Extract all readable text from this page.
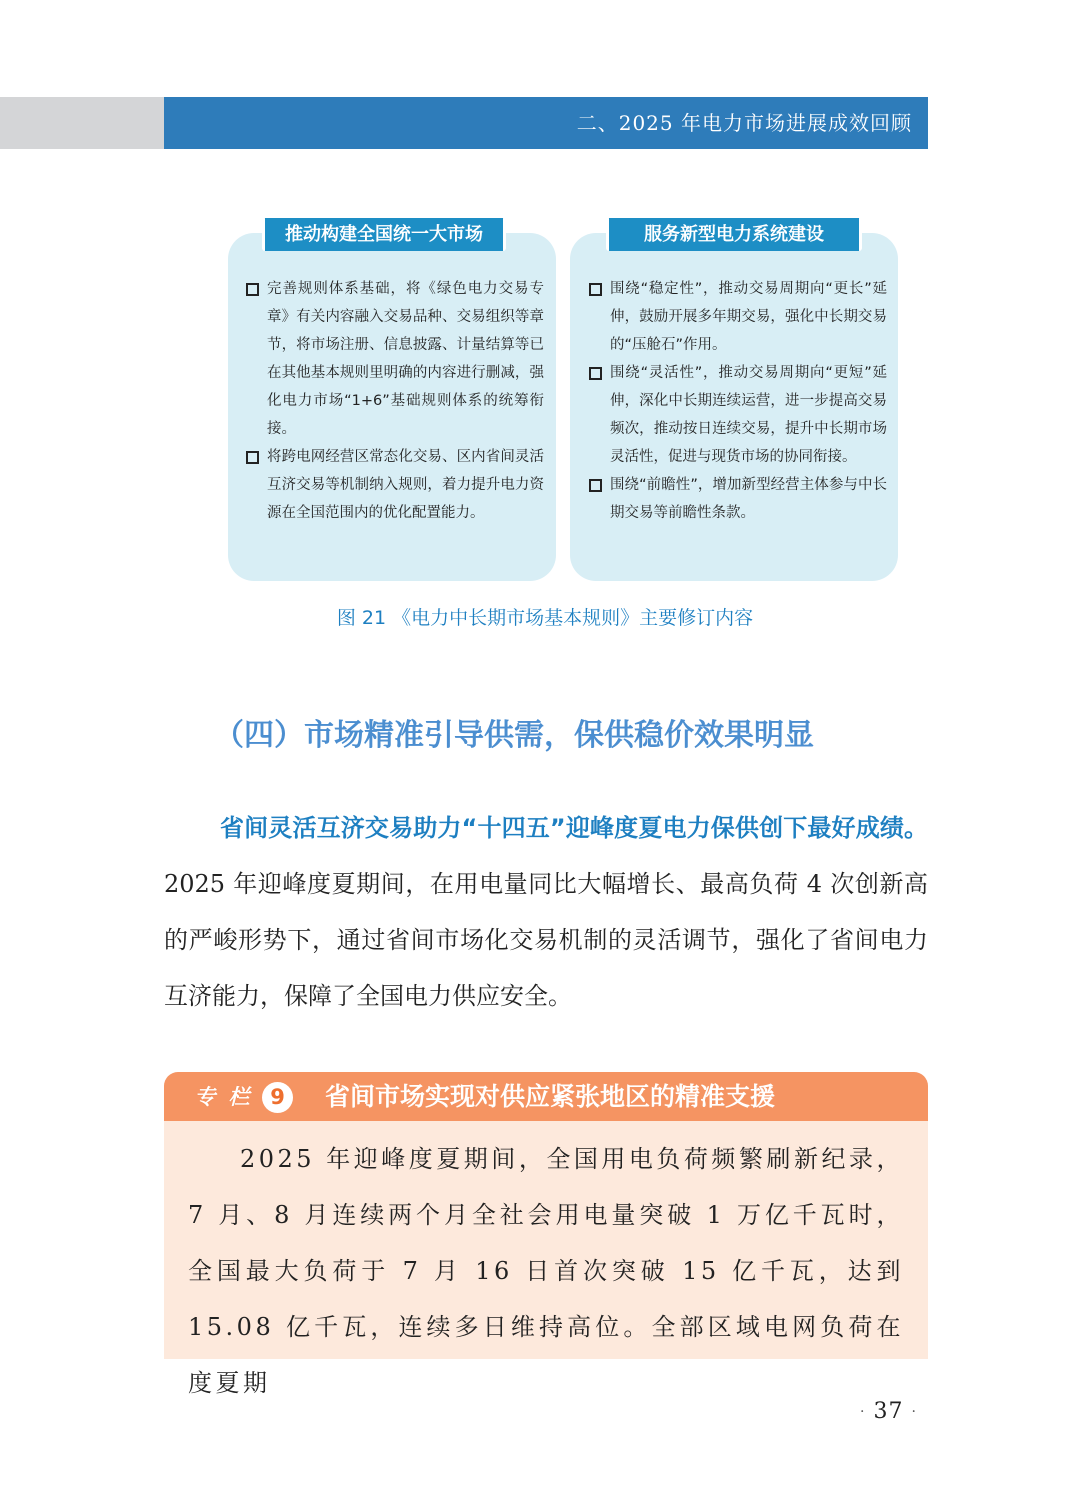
二、2025 年电力市场进展成效回顾
推动构建全国统一大市场	服务新型电力系统建设
完善规则体系基础，将《绿色电力交易专章》有关内容融入交易品种、交易组织等章节，将市场注册、信息披露、计量结算等已在其他基本规则里明确的内容进行删减，强化电力市场“1+6”基础规则体系的统筹衔接。
将跨电网经营区常态化交易、区内省间灵活互济交易等机制纳入规则，着力提升电力资源在全国范围内的优化配置能力。
围绕“稳定性”，推动交易周期向“更长”延伸，鼓励开展多年期交易，强化中长期交易的“压舱石”作用。
围绕“灵活性”，推动交易周期向“更短”延伸，深化中长期连续运营，进一步提高交易频次，推动按日连续交易，提升中长期市场灵活性，促进与现货市场的协同衔接。
围绕“前瞻性”，增加新型经营主体参与中长期交易等前瞻性条款。
图 21 《电力中长期市场基本规则》主要修订内容
（四）市场精准引导供需，保供稳价效果明显

省间灵活互济交易助力“十四五”迎峰度夏电力保供创下最好成绩。2025 年迎峰度夏期间，在用电量同比大幅增长、最高负荷 4 次创新高的严峻形势下，通过省间市场化交易机制的灵活调节，强化了省间电力互济能力，保障了全国电力供应安全。

专 栏 9	省间市场实现对供应紧张地区的精准支援

2025 年迎峰度夏期间，全国用电负荷频繁刷新纪录，7 月、8 月连续两个月全社会用电量突破 1 万亿千瓦时，全国最大负荷于 7 月 16 日首次突破 15 亿千瓦，达到 15.08 亿千瓦，连续多日维持高位。全部区域电网负荷在度夏期

· 37 ·
